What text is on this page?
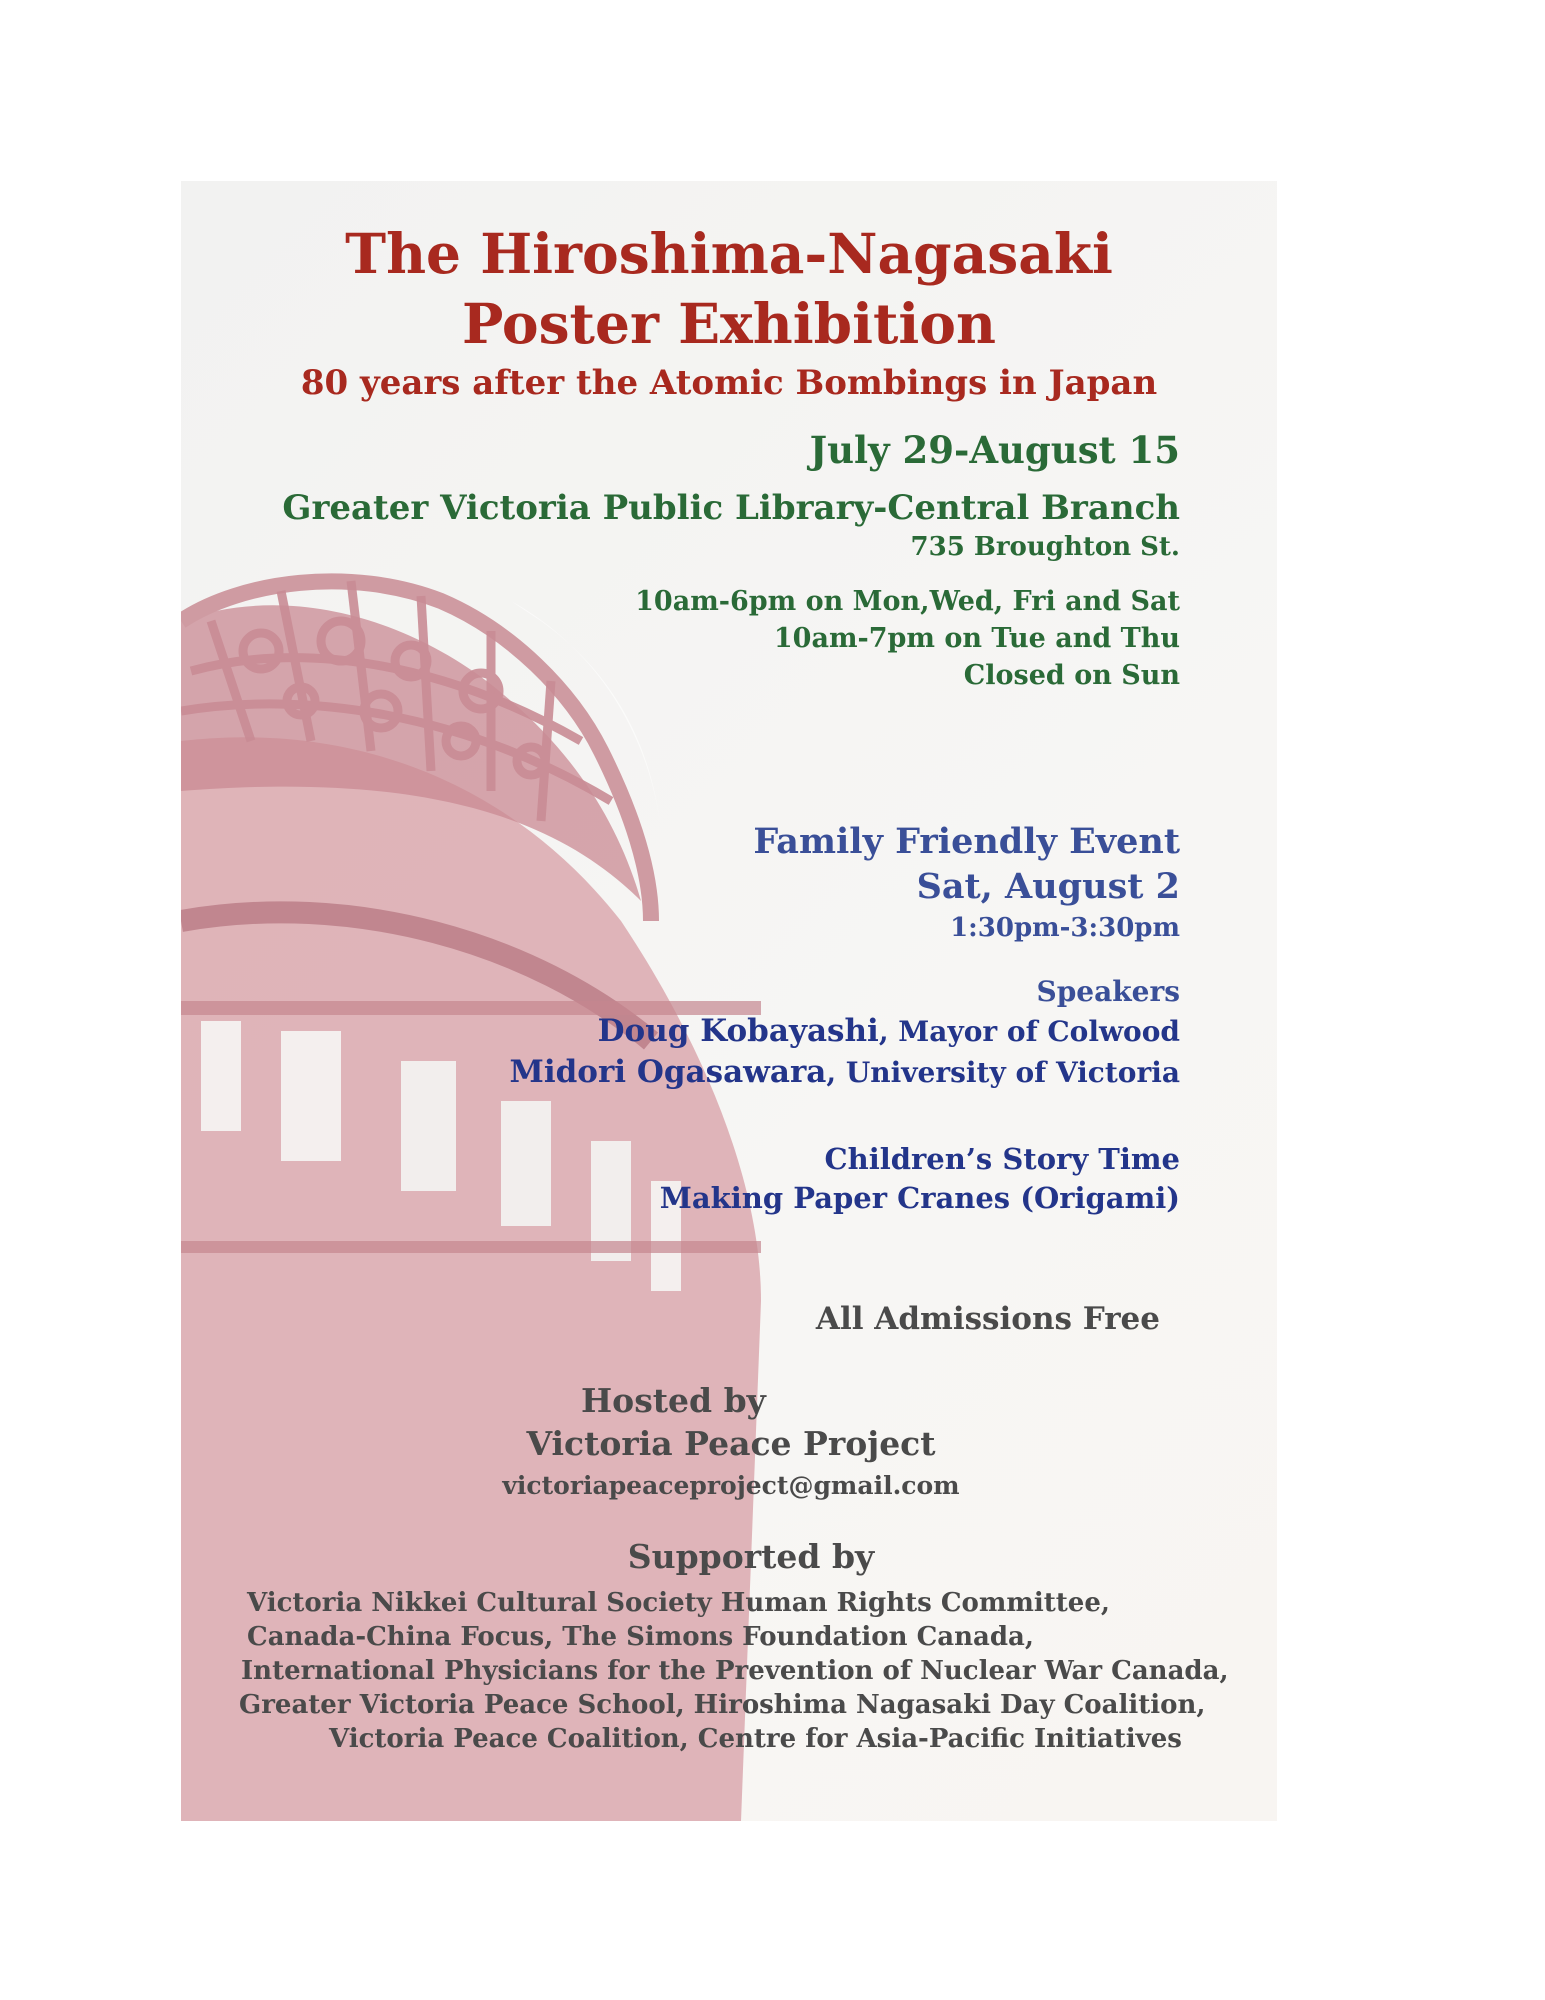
The Hiroshima-Nagasaki
Poster Exhibition

80 years after the Atomic Bombings in Japan

July 29-August 15

Greater Victoria Public Library-Central Branch

735 Broughton St.

10am-6pm on Mon,Wed, Fri and Sat

10am-7pm on Tue and Thu

Closed on Sun

Family Friendly Event

Sat, August 2

1:30pm-3:30pm

Speakers

Doug Kobayashi, Mayor of Colwood

Midori Ogasawara, University of Victoria

Children’s Story Time

Making Paper Cranes (Origami)

All Admissions Free

Hosted by

Victoria Peace Project

victoriapeaceproject@gmail.com

Supported by

Victoria Nikkei Cultural Society Human Rights Committee,

Canada-China Focus, The Simons Foundation Canada,

International Physicians for the Prevention of Nuclear War Canada,

Greater Victoria Peace School, Hiroshima Nagasaki Day Coalition,

Victoria Peace Coalition, Centre for Asia-Pacific Initiatives
